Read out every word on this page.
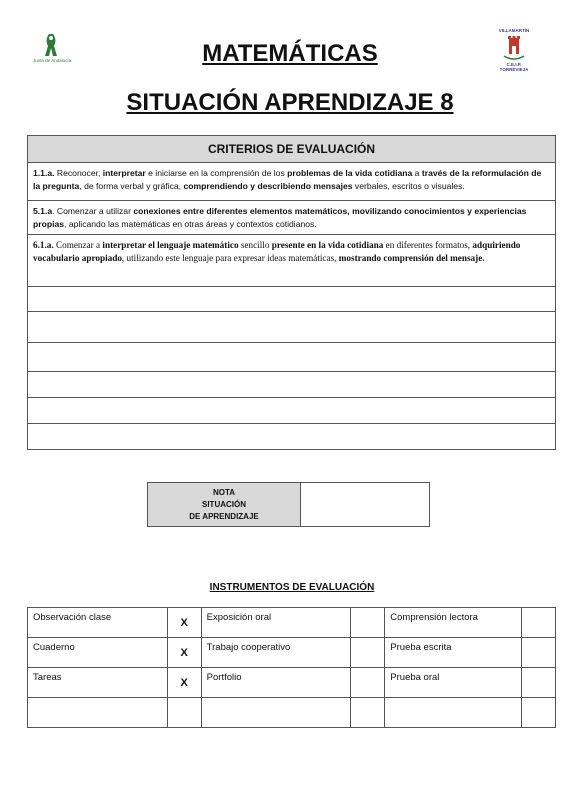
Junta de Andalucía
VILLAMARTÍN
C.E.I.P.
TORREVIEJA
MATEMÁTICAS
SITUACIÓN APRENDIZAJE 8
CRITERIOS DE EVALUACIÓN
1.1.a. Reconocer, interpretar e iniciarse en la comprensión de los problemas de la vida cotidiana a través de la reformulación de la pregunta, de forma verbal y gráfica, comprendiendo y describiendo mensajes verbales, escritos o visuales.
5.1.a. Comenzar a utilizar conexiones entre diferentes elementos matemáticos, movilizando conocimientos y experiencias propias, aplicando las matemáticas en otras áreas y contextos cotidianos.
6.1.a. Comenzar a interpretar el lenguaje matemático sencillo presente en la vida cotidiana en diferentes formatos, adquiriendo vocabulario apropiado, utilizando este lenguaje para expresar ideas matemáticas, mostrando comprensión del mensaje.

NOTA
SITUACIÓN
DE APRENDIZAJE	
INSTRUMENTOS DE EVALUACIÓN
Observación clase	X	Exposición oral		Comprensión lectora	
Cuaderno	X	Trabajo cooperativo		Prueba escrita	
Tareas	X	Portfolio		Prueba oral	
